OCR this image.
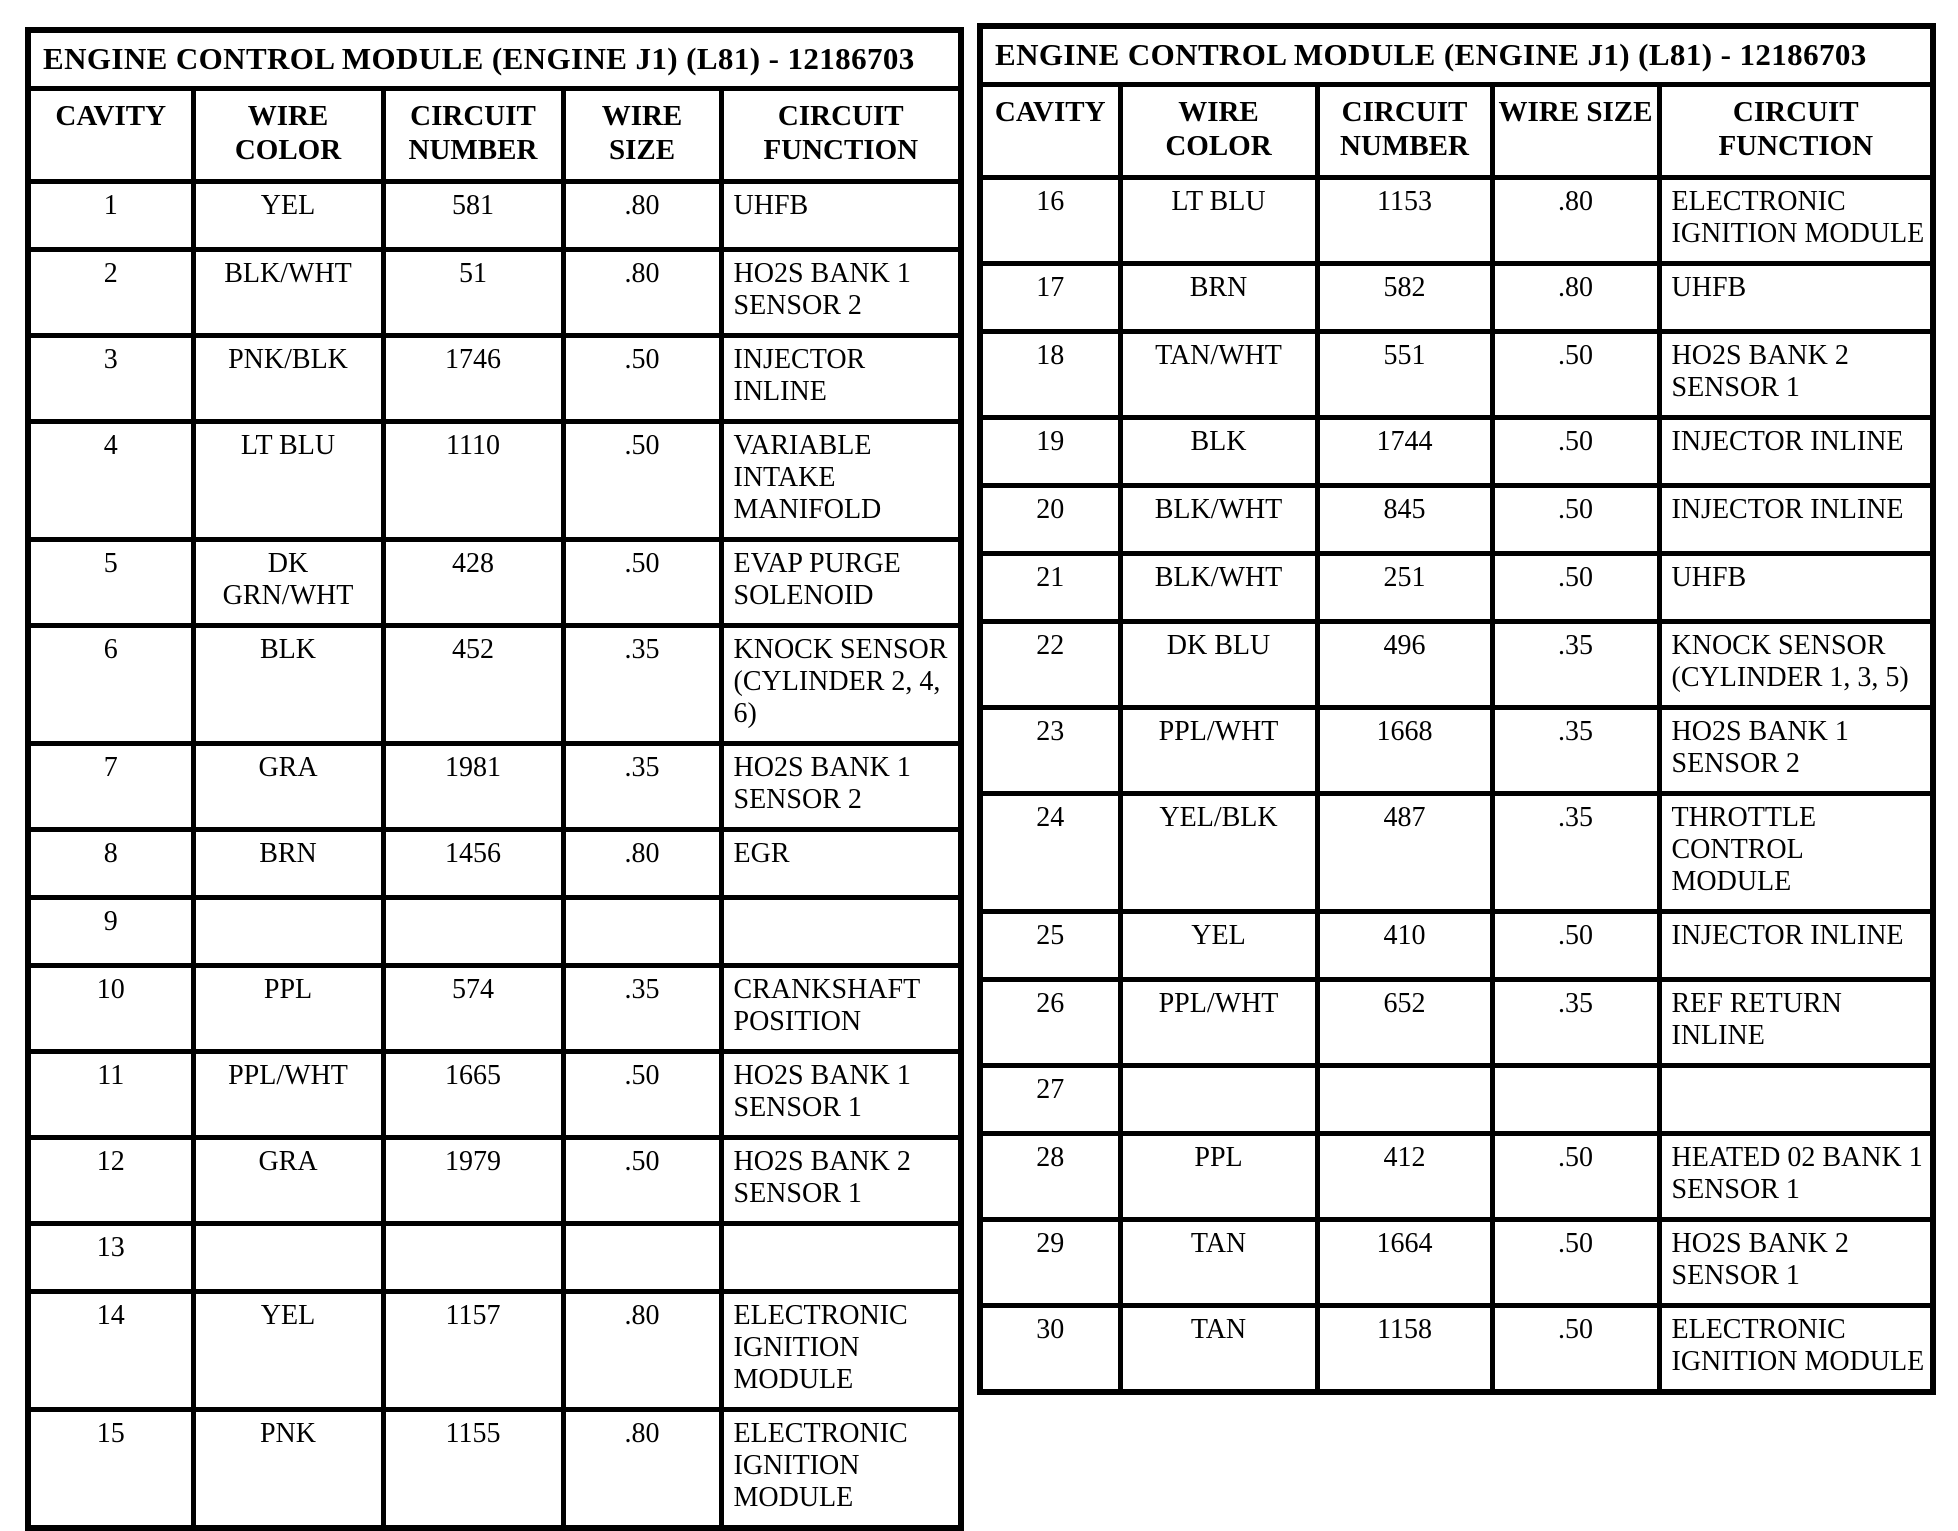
ENGINE CONTROL MODULE (ENGINE J1) (L81) - 12186703				
CAVITY	WIRE COLOR	CIRCUIT NUMBER	WIRE SIZE	CIRCUIT FUNCTION
1	YEL	581	.80	UHFB
2	BLK/WHT	51	.80	HO2S BANK 1 SENSOR 2
3	PNK/BLK	1746	.50	INJECTOR INLINE
4	LT BLU	1110	.50	VARIABLE INTAKE MANIFOLD
5	DK GRN/WHT	428	.50	EVAP PURGE SOLENOID
6	BLK	452	.35	KNOCK SENSOR (CYLINDER 2, 4, 6)
7	GRA	1981	.35	HO2S BANK 1 SENSOR 2
8	BRN	1456	.80	EGR
9				
10	PPL	574	.35	CRANKSHAFT POSITION
11	PPL/WHT	1665	.50	HO2S BANK 1 SENSOR 1
12	GRA	1979	.50	HO2S BANK 2 SENSOR 1
13				
14	YEL	1157	.80	ELECTRONIC IGNITION MODULE
15	PNK	1155	.80	ELECTRONIC IGNITION MODULE
ENGINE CONTROL MODULE (ENGINE J1) (L81) - 12186703				
CAVITY	WIRE COLOR	CIRCUIT NUMBER	WIRE SIZE	CIRCUIT FUNCTION
16	LT BLU	1153	.80	ELECTRONIC IGNITION MODULE
17	BRN	582	.80	UHFB
18	TAN/WHT	551	.50	HO2S BANK 2 SENSOR 1
19	BLK	1744	.50	INJECTOR INLINE
20	BLK/WHT	845	.50	INJECTOR INLINE
21	BLK/WHT	251	.50	UHFB
22	DK BLU	496	.35	KNOCK SENSOR (CYLINDER 1, 3, 5)
23	PPL/WHT	1668	.35	HO2S BANK 1 SENSOR 2
24	YEL/BLK	487	.35	THROTTLE CONTROL MODULE
25	YEL	410	.50	INJECTOR INLINE
26	PPL/WHT	652	.35	REF RETURN INLINE
27				
28	PPL	412	.50	HEATED 02 BANK 1 SENSOR 1
29	TAN	1664	.50	HO2S BANK 2 SENSOR 1
30	TAN	1158	.50	ELECTRONIC IGNITION MODULE
